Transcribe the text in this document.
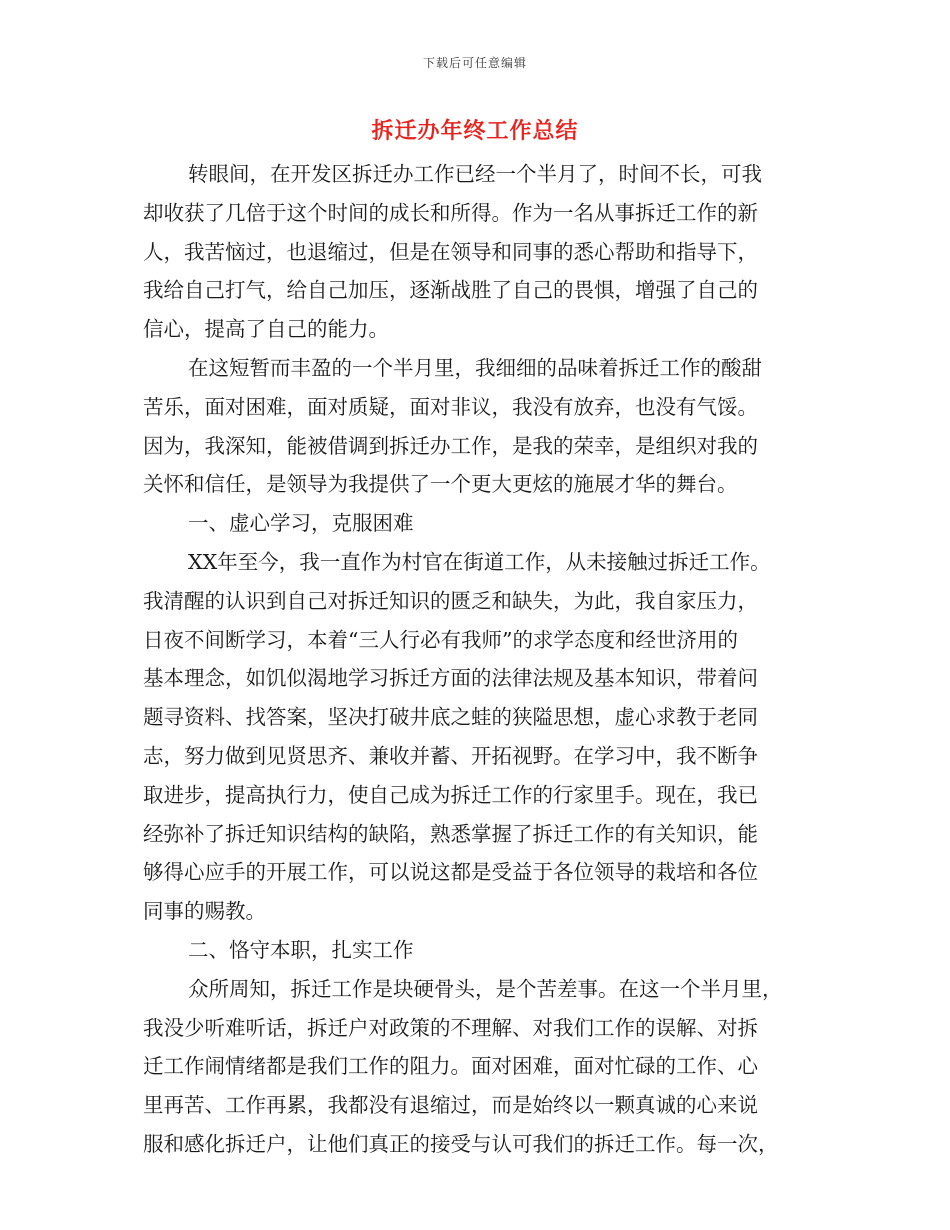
下载后可任意编辑
拆迁办年终工作总结
转眼间，在开发区拆迁办工作已经一个半月了，时间不长，可我
却收获了几倍于这个时间的成长和所得。作为一名从事拆迁工作的新
人，我苦恼过，也退缩过，但是在领导和同事的悉心帮助和指导下，
我给自己打气，给自己加压，逐渐战胜了自己的畏惧，增强了自己的
信心，提高了自己的能力。
在这短暂而丰盈的一个半月里，我细细的品味着拆迁工作的酸甜
苦乐，面对困难，面对质疑，面对非议，我没有放弃，也没有气馁。
因为，我深知，能被借调到拆迁办工作，是我的荣幸，是组织对我的
关怀和信任，是领导为我提供了一个更大更炫的施展才华的舞台。
一、虚心学习，克服困难
XX年至今，我一直作为村官在街道工作，从未接触过拆迁工作。
我清醒的认识到自己对拆迁知识的匮乏和缺失，为此，我自家压力，
日夜不间断学习，本着“三人行必有我师”的求学态度和经世济用的
基本理念，如饥似渴地学习拆迁方面的法律法规及基本知识，带着问
题寻资料、找答案，坚决打破井底之蛙的狭隘思想，虚心求教于老同
志，努力做到见贤思齐、兼收并蓄、开拓视野。在学习中，我不断争
取进步，提高执行力，使自己成为拆迁工作的行家里手。现在，我已
经弥补了拆迁知识结构的缺陷，熟悉掌握了拆迁工作的有关知识，能
够得心应手的开展工作，可以说这都是受益于各位领导的栽培和各位
同事的赐教。
二、恪守本职，扎实工作
众所周知，拆迁工作是块硬骨头，是个苦差事。在这一个半月里，
我没少听难听话，拆迁户对政策的不理解、对我们工作的误解、对拆
迁工作闹情绪都是我们工作的阻力。面对困难，面对忙碌的工作、心
里再苦、工作再累，我都没有退缩过，而是始终以一颗真诚的心来说
服和感化拆迁户，让他们真正的接受与认可我们的拆迁工作。每一次，
